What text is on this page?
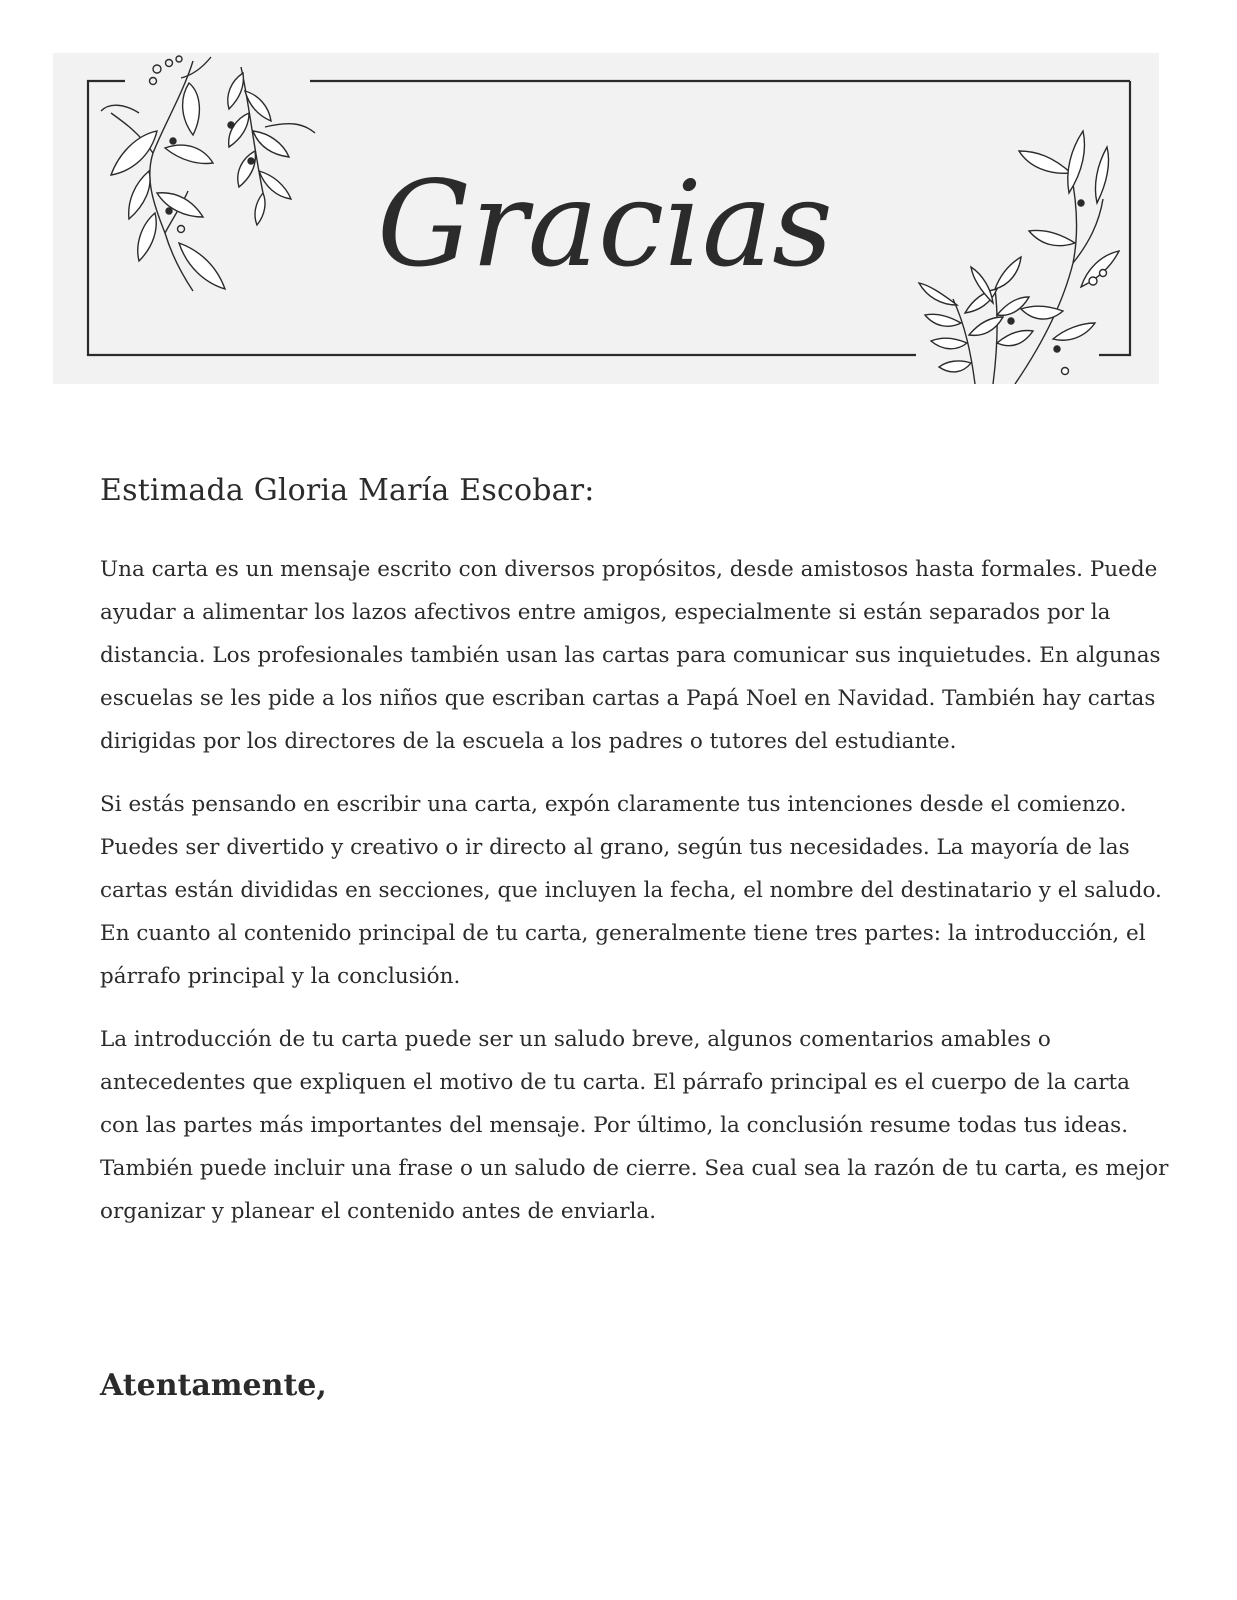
Gracias
Estimada Gloria María Escobar:

Una carta es un mensaje escrito con diversos propósitos, desde amistosos hasta formales. Puede ayudar a alimentar los lazos afectivos entre amigos, especialmente si están separados por la distancia. Los profesionales también usan las cartas para comunicar sus inquietudes. En algunas escuelas se les pide a los niños que escriban cartas a Papá Noel en Navidad. También hay cartas dirigidas por los directores de la escuela a los padres o tutores del estudiante.

Si estás pensando en escribir una carta, expón claramente tus intenciones desde el comienzo. Puedes ser divertido y creativo o ir directo al grano, según tus necesidades. La mayoría de las cartas están divididas en secciones, que incluyen la fecha, el nombre del destinatario y el saludo. En cuanto al contenido principal de tu carta, generalmente tiene tres partes: la introducción, el párrafo principal y la conclusión.

La introducción de tu carta puede ser un saludo breve, algunos comentarios amables o antecedentes que expliquen el motivo de tu carta. El párrafo principal es el cuerpo de la carta con las partes más importantes del mensaje. Por último, la conclusión resume todas tus ideas. También puede incluir una frase o un saludo de cierre. Sea cual sea la razón de tu carta, es mejor organizar y planear el contenido antes de enviarla.

Atentamente,
